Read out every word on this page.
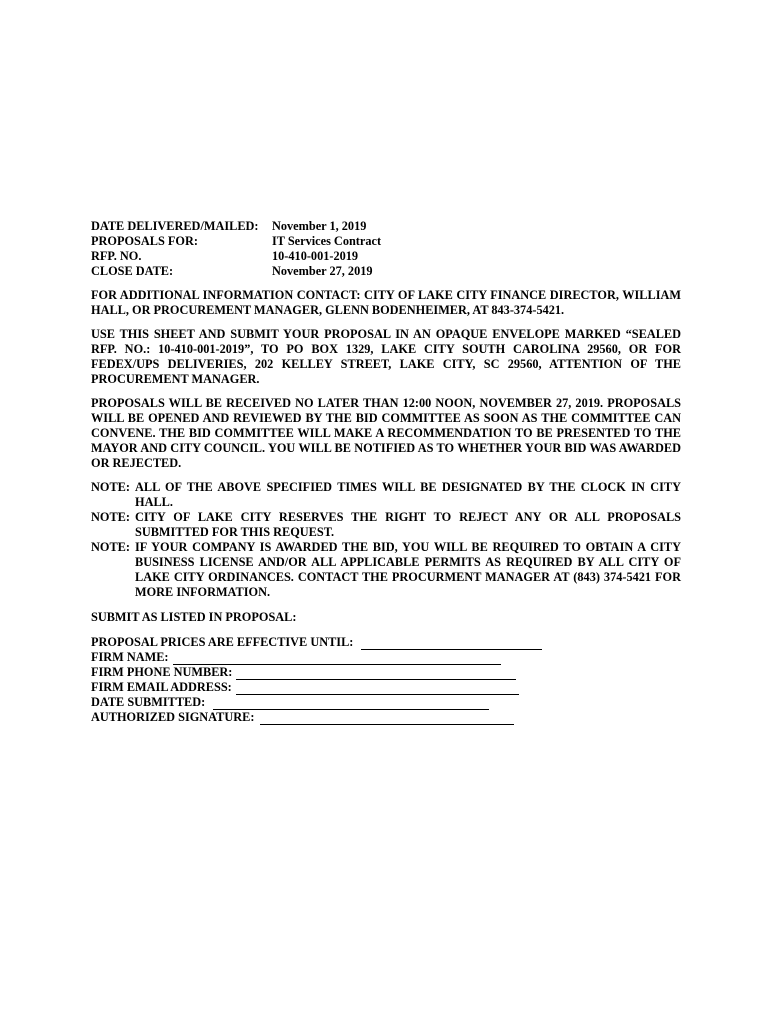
DATE DELIVERED/MAILED:	November 1, 2019
PROPOSALS FOR:	IT Services Contract
RFP. NO.	10-410-001-2019
CLOSE DATE:	November 27, 2019
FOR ADDITIONAL INFORMATION CONTACT: CITY OF LAKE CITY FINANCE DIRECTOR, WILLIAM HALL, OR PROCUREMENT MANAGER, GLENN BODENHEIMER, AT 843-374-5421.
USE THIS SHEET AND SUBMIT YOUR PROPOSAL IN AN OPAQUE ENVELOPE MARKED “SEALED RFP. NO.: 10-410-001-2019”, TO PO BOX 1329, LAKE CITY SOUTH CAROLINA 29560, OR FOR FEDEX/UPS DELIVERIES, 202 KELLEY STREET, LAKE CITY, SC 29560, ATTENTION OF THE PROCUREMENT MANAGER.
PROPOSALS WILL BE RECEIVED NO LATER THAN 12:00 NOON, NOVEMBER 27, 2019. PROPOSALS WILL BE OPENED AND REVIEWED BY THE BID COMMITTEE AS SOON AS THE COMMITTEE CAN CONVENE. THE BID COMMITTEE WILL MAKE A RECOMMENDATION TO BE PRESENTED TO THE MAYOR AND CITY COUNCIL. YOU WILL BE NOTIFIED AS TO WHETHER YOUR BID WAS AWARDED OR REJECTED.
NOTE: ALL OF THE ABOVE SPECIFIED TIMES WILL BE DESIGNATED BY THE CLOCK IN CITY HALL.
NOTE: CITY OF LAKE CITY RESERVES THE RIGHT TO REJECT ANY OR ALL PROPOSALS SUBMITTED FOR THIS REQUEST.
NOTE: IF YOUR COMPANY IS AWARDED THE BID, YOU WILL BE REQUIRED TO OBTAIN A CITY BUSINESS LICENSE AND/OR ALL APPLICABLE PERMITS AS REQUIRED BY ALL CITY OF LAKE CITY ORDINANCES. CONTACT THE PROCURMENT MANAGER AT (843) 374-5421 FOR MORE INFORMATION.
SUBMIT AS LISTED IN PROPOSAL:
PROPOSAL PRICES ARE EFFECTIVE UNTIL:
FIRM NAME:
FIRM PHONE NUMBER:
FIRM EMAIL ADDRESS:
DATE SUBMITTED:
AUTHORIZED SIGNATURE:
